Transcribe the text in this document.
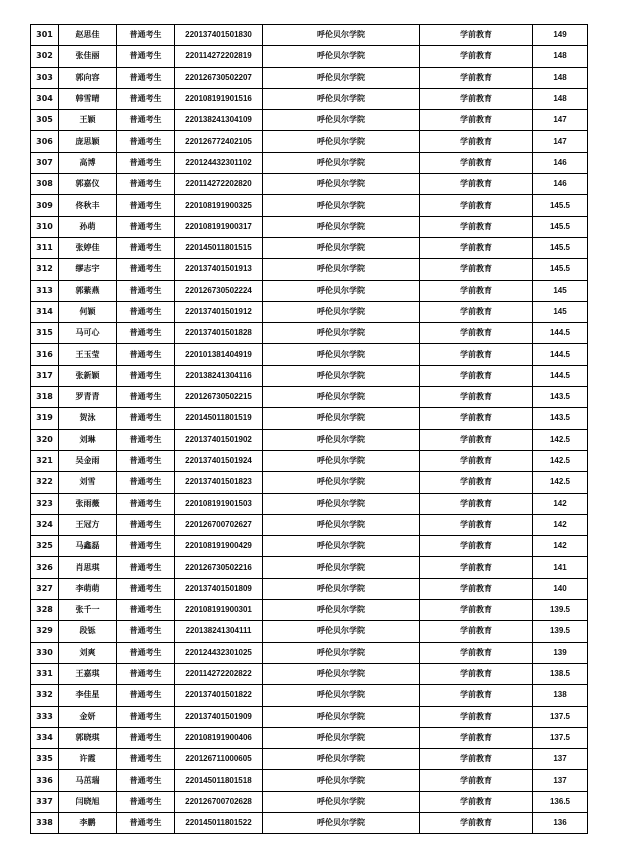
301	赵思佳	普通考生	220137401501830	呼伦贝尔学院	学前教育	149
302	张佳丽	普通考生	220114272202819	呼伦贝尔学院	学前教育	148
303	郭向容	普通考生	220126730502207	呼伦贝尔学院	学前教育	148
304	韩雪晴	普通考生	220108191901516	呼伦贝尔学院	学前教育	148
305	王颖	普通考生	220138241304109	呼伦贝尔学院	学前教育	147
306	庞思颖	普通考生	220126772402105	呼伦贝尔学院	学前教育	147
307	高博	普通考生	220124432301102	呼伦贝尔学院	学前教育	146
308	郭嘉仪	普通考生	220114272202820	呼伦贝尔学院	学前教育	146
309	佟秋丰	普通考生	220108191900325	呼伦贝尔学院	学前教育	145.5
310	孙萌	普通考生	220108191900317	呼伦贝尔学院	学前教育	145.5
311	张婷佳	普通考生	220145011801515	呼伦贝尔学院	学前教育	145.5
312	缪志宇	普通考生	220137401501913	呼伦贝尔学院	学前教育	145.5
313	郭紫燕	普通考生	220126730502224	呼伦贝尔学院	学前教育	145
314	何颖	普通考生	220137401501912	呼伦贝尔学院	学前教育	145
315	马可心	普通考生	220137401501828	呼伦贝尔学院	学前教育	144.5
316	王玉莹	普通考生	220101381404919	呼伦贝尔学院	学前教育	144.5
317	张新颖	普通考生	220138241304116	呼伦贝尔学院	学前教育	144.5
318	罗青青	普通考生	220126730502215	呼伦贝尔学院	学前教育	143.5
319	贺泳	普通考生	220145011801519	呼伦贝尔学院	学前教育	143.5
320	刘琳	普通考生	220137401501902	呼伦贝尔学院	学前教育	142.5
321	吴金雨	普通考生	220137401501924	呼伦贝尔学院	学前教育	142.5
322	刘雪	普通考生	220137401501823	呼伦贝尔学院	学前教育	142.5
323	张雨薇	普通考生	220108191901503	呼伦贝尔学院	学前教育	142
324	王冠方	普通考生	220126700702627	呼伦贝尔学院	学前教育	142
325	马鑫磊	普通考生	220108191900429	呼伦贝尔学院	学前教育	142
326	肖思琪	普通考生	220126730502216	呼伦贝尔学院	学前教育	141
327	李萌萌	普通考生	220137401501809	呼伦贝尔学院	学前教育	140
328	张千一	普通考生	220108191900301	呼伦贝尔学院	学前教育	139.5
329	段铄	普通考生	220138241304111	呼伦贝尔学院	学前教育	139.5
330	刘爽	普通考生	220124432301025	呼伦贝尔学院	学前教育	139
331	王嘉琪	普通考生	220114272202822	呼伦贝尔学院	学前教育	138.5
332	李佳星	普通考生	220137401501822	呼伦贝尔学院	学前教育	138
333	金妍	普通考生	220137401501909	呼伦贝尔学院	学前教育	137.5
334	郭晓琪	普通考生	220108191900406	呼伦贝尔学院	学前教育	137.5
335	许霞	普通考生	220126711000605	呼伦贝尔学院	学前教育	137
336	马茁瑞	普通考生	220145011801518	呼伦贝尔学院	学前教育	137
337	闫晓旭	普通考生	220126700702628	呼伦贝尔学院	学前教育	136.5
338	李鹏	普通考生	220145011801522	呼伦贝尔学院	学前教育	136
